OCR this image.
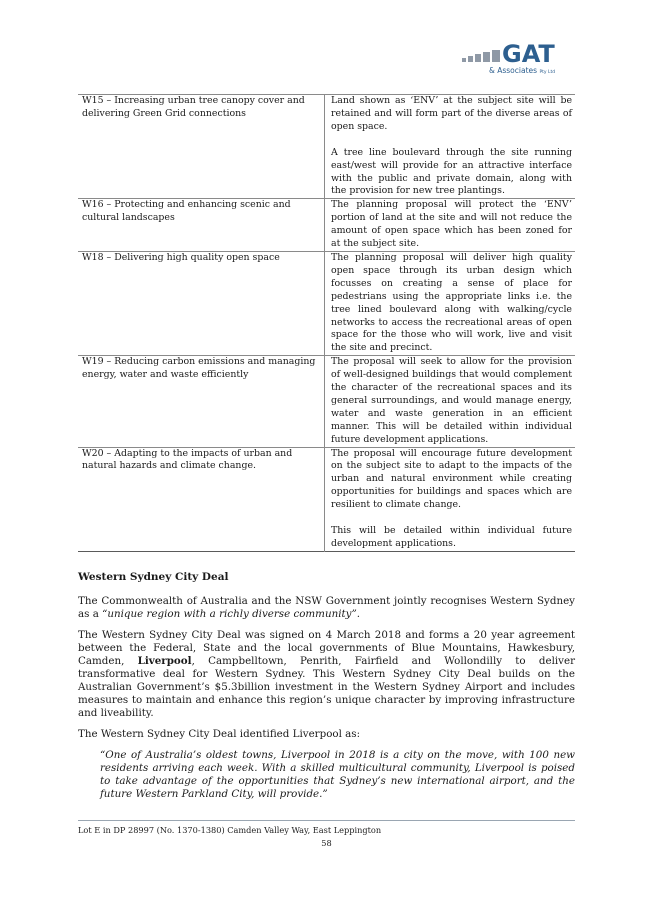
GAT
& Associates Pty Ltd
W15 – Increasing urban tree canopy cover and delivering Green Grid connections	Land shown as ‘ENV’ at the subject site will be retained and will form part of the diverse areas of open space.
A tree line boulevard through the site running east/west will provide for an attractive interface with the public and private domain, along with the provision for new tree plantings.

W16 – Protecting and enhancing scenic and cultural landscapes	The planning proposal will protect the ‘ENV’ portion of land at the site and will not reduce the amount of open space which has been zoned for at the subject site.

W18 – Delivering high quality open space	The planning proposal will deliver high quality open space through its urban design which focusses on creating a sense of place for pedestrians using the appropriate links i.e. the tree lined boulevard along with walking/cycle networks to access the recreational areas of open space for the those who will work, live and visit the site and precinct.

W19 – Reducing carbon emissions and managing energy, water and waste efficiently	The proposal will seek to allow for the provision of well-designed buildings that would complement the character of the recreational spaces and its general surroundings, and would manage energy, water and waste generation in an efficient manner. This will be detailed within individual future development applications.

W20 – Adapting to the impacts of urban and natural hazards and climate change.	The proposal will encourage future development on the subject site to adapt to the impacts of the urban and natural environment while creating opportunities for buildings and spaces which are resilient to climate change.
This will be detailed within individual future development applications.
Western Sydney City Deal

The Commonwealth of Australia and the NSW Government jointly recognises Western Sydney as a “unique region with a richly diverse community”.

The Western Sydney City Deal was signed on 4 March 2018 and forms a 20 year agreement between the Federal, State and the local governments of Blue Mountains, Hawkesbury, Camden, Liverpool, Campbelltown, Penrith, Fairfield and Wollondilly to deliver transformative deal for Western Sydney. This Western Sydney City Deal builds on the Australian Government’s $5.3billion investment in the Western Sydney Airport and includes measures to maintain and enhance this region’s unique character by improving infrastructure and liveability.

The Western Sydney City Deal identified Liverpool as:

“One of Australia’s oldest towns, Liverpool in 2018 is a city on the move, with 100 new residents arriving each week. With a skilled multicultural community, Liverpool is poised to take advantage of the opportunities that Sydney’s new international airport, and the future Western Parkland City, will provide.”

Lot E in DP 28997 (No. 1370-1380) Camden Valley Way, East Leppington
58
